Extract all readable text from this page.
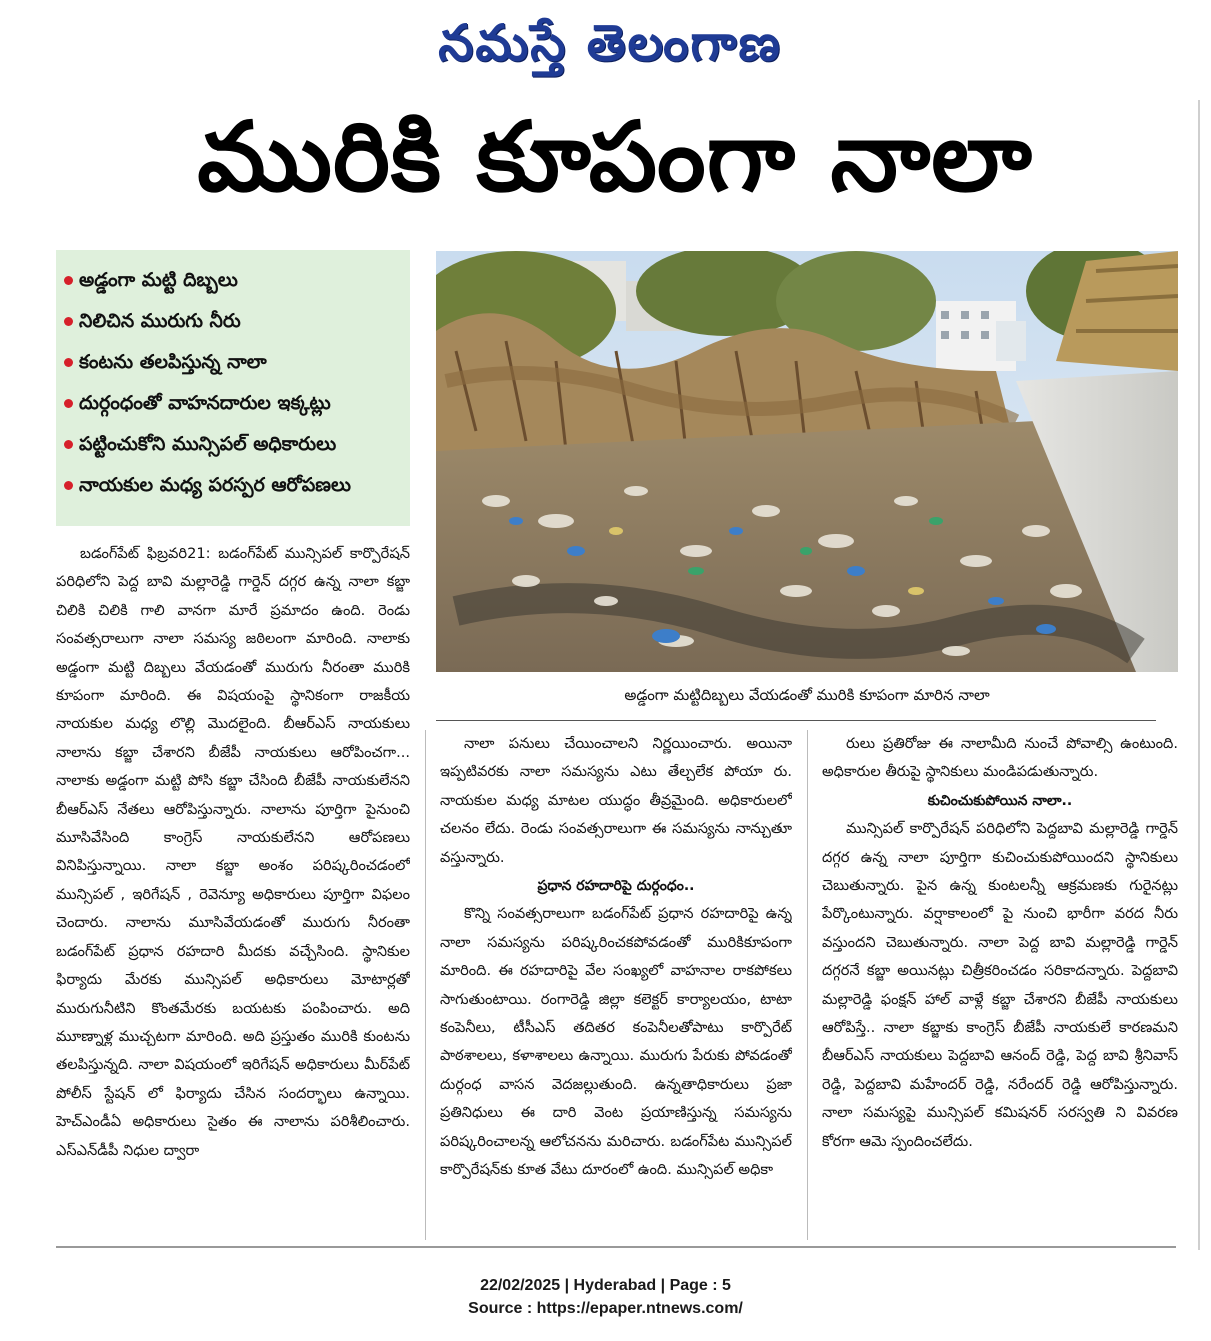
నమస్తే తెలంగాణ
మురికి కూపంగా నాలా
అడ్డంగా మట్టి దిబ్బలు
నిలిచిన మురుగు నీరు
కంటను తలపిస్తున్న నాలా
దుర్గంధంతో వాహనదారుల ఇక్కట్లు
పట్టించుకోని మున్సిపల్ అధికారులు
నాయకుల మధ్య పరస్పర ఆరోపణలు
అడ్డంగా మట్టిదిబ్బలు వేయడంతో మురికి కూపంగా మారిన నాలా

బడంగ్‌పేట్ ఫిబ్రవరి21: బడంగ్‌పేట్ మున్సిపల్ కార్పొరేషన్ పరిధిలోని పెద్ద బావి మల్లారెడ్డి గార్డెన్ దగ్గర ఉన్న నాలా కబ్జా చిలికి చిలికి గాలి వానగా మారే ప్రమాదం ఉంది. రెండు సంవత్సరాలుగా నాలా సమస్య జఠిలంగా మారింది. నాలాకు అడ్డంగా మట్టి దిబ్బలు వేయడంతో మురుగు నీరంతా మురికి కూపంగా మారింది. ఈ విషయంపై స్థానికంగా రాజకీయ నాయకుల మధ్య లొల్లి మొదలైంది. బీఆర్ఎస్ నాయకులు నాలాను కబ్జా చేశారని బీజేపీ నాయకులు ఆరోపించగా... నాలాకు అడ్డంగా మట్టి పోసి కబ్జా చేసింది బీజేపీ నాయకులేనని బీఆర్ఎస్ నేతలు ఆరోపిస్తున్నారు. నాలాను పూర్తిగా పైనుంచి మూసివేసింది కాంగ్రెస్ నాయకులేనని ఆరోపణలు వినిపిస్తున్నాయి. నాలా కబ్జా అంశం పరిష్కరించడంలో మున్సిపల్ , ఇరిగేషన్ , రెవెన్యూ అధికారులు పూర్తిగా విఫలం చెందారు. నాలాను మూసివేయడంతో మురుగు నీరంతా బడంగ్‌పేట్ ప్రధాన రహదారి మీదకు వచ్చేసింది. స్థానికుల ఫిర్యాదు మేరకు మున్సిపల్ అధికారులు మోటార్లతో మురుగునీటిని కొంతమేరకు బయటకు పంపించారు. అది మూణ్నాళ్ల ముచ్చటగా మారింది. అది ప్రస్తుతం మురికి కుంటను తలపిస్తున్నది. నాలా విషయంలో ఇరిగేషన్ అధికారులు మీర్‌పేట్ పోలీస్ స్టేషన్ లో ఫిర్యాదు చేసిన సందర్భాలు ఉన్నాయి. హెచ్ఎండీఏ అధికారులు సైతం ఈ నాలాను పరిశీలించారు. ఎస్ఎన్‌డీపీ నిధుల ద్వారా

నాలా పనులు చేయించాలని నిర్ణయించారు. అయినా ఇప్పటివరకు నాలా సమస్యను ఎటు తేల్చలేక పోయా రు. నాయకుల మధ్య మాటల యుద్ధం తీవ్రమైంది. అధికారులలో చలనం లేదు. రెండు సంవత్సరాలుగా ఈ సమస్యను నాన్చుతూ వస్తున్నారు.

ప్రధాన రహదారిపై దుర్గంధం..

కొన్ని సంవత్సరాలుగా బడంగ్‌పేట్ ప్రధాన రహదారిపై ఉన్న నాలా సమస్యను పరిష్కరించకపోవడంతో మురికికూపంగా మారింది. ఈ రహదారిపై వేల సంఖ్యలో వాహనాల రాకపోకలు సాగుతుంటాయి. రంగారెడ్డి జిల్లా కలెక్టర్ కార్యాలయం, టాటా కంపెనీలు, టీసీఎస్ తదితర కంపెనీలతోపాటు కార్పొరేట్ పాఠశాలలు, కళాశాలలు ఉన్నాయి. మురుగు పేరుకు పోవడంతో దుర్గంధ వాసన వెదజల్లుతుంది. ఉన్నతాధికారులు ప్రజా ప్రతినిధులు ఈ దారి వెంట ప్రయాణిస్తున్న సమస్యను పరిష్కరించాలన్న ఆలోచనను మరిచారు. బడంగ్‌పేట మున్సిపల్ కార్పొరేషన్‌కు కూత వేటు దూరంలో ఉంది. మున్సిపల్ అధికా

రులు ప్రతిరోజు ఈ నాలామీది నుంచే పోవాల్సి ఉంటుంది. అధికారుల తీరుపై స్థానికులు మండిపడుతున్నారు.

కుచించుకుపోయిన నాలా..

మున్సిపల్ కార్పొరేషన్ పరిధిలోని పెద్దబావి మల్లారెడ్డి గార్డెన్ దగ్గర ఉన్న నాలా పూర్తిగా కుచించుకుపోయిందని స్థానికులు చెబుతున్నారు. పైన ఉన్న కుంటలన్నీ ఆక్రమణకు గురైనట్లు పేర్కొంటున్నారు. వర్షాకాలంలో పై నుంచి భారీగా వరద నీరు వస్తుందని చెబుతున్నారు. నాలా పెద్ద బావి మల్లారెడ్డి గార్డెన్ దగ్గరనే కబ్జా అయినట్లు చిత్రీకరించడం సరికాదన్నారు. పెద్దబావి మల్లారెడ్డి ఫంక్షన్ హాల్ వాళ్లే కబ్జా చేశారని బీజేపీ నాయకులు ఆరోపిస్తే.. నాలా కబ్జాకు కాంగ్రెస్ బీజేపీ నాయకులే కారణమని బీఆర్ఎస్ నాయకులు పెద్దబావి ఆనంద్ రెడ్డి, పెద్ద బావి శ్రీనివాస్ రెడ్డి, పెద్దబావి మహేందర్ రెడ్డి, నరేందర్ రెడ్డి ఆరోపిస్తున్నారు. నాలా సమస్యపై మున్సిపల్ కమిషనర్ సరస్వతి ని వివరణ కోరగా ఆమె స్పందించలేదు.

22/02/2025 | Hyderabad | Page : 5
Source : https://epaper.ntnews.com/
